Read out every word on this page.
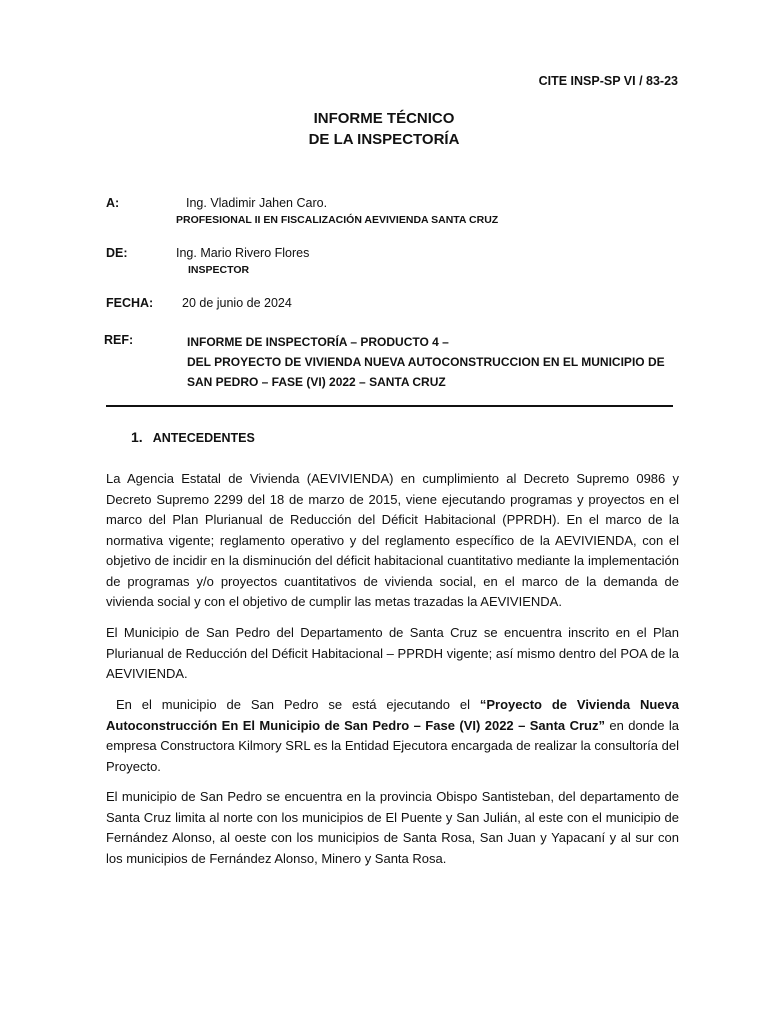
CITE INSP-SP VI / 83-23
INFORME TÉCNICO
DE LA INSPECTORÍA
A:	Ing. Vladimir Jahen Caro.
PROFESIONAL II EN FISCALIZACIÓN AEVIVIENDA SANTA CRUZ
DE:	Ing. Mario Rivero Flores
INSPECTOR
FECHA: 20 de junio de 2024
REF:	INFORME DE INSPECTORÍA – PRODUCTO 4 –
DEL PROYECTO DE VIVIENDA NUEVA AUTOCONSTRUCCION EN EL MUNICIPIO DE SAN PEDRO – FASE (VI) 2022 – SANTA CRUZ
1. ANTECEDENTES
La Agencia Estatal de Vivienda (AEVIVIENDA) en cumplimiento al Decreto Supremo 0986 y Decreto Supremo 2299 del 18 de marzo de 2015, viene ejecutando programas y proyectos en el marco del Plan Plurianual de Reducción del Déficit Habitacional (PPRDH). En el marco de la normativa vigente; reglamento operativo y del reglamento específico de la AEVIVIENDA, con el objetivo de incidir en la disminución del déficit habitacional cuantitativo mediante la implementación de programas y/o proyectos cuantitativos de vivienda social, en el marco de la demanda de vivienda social y con el objetivo de cumplir las metas trazadas la AEVIVIENDA.
El Municipio de San Pedro del Departamento de Santa Cruz se encuentra inscrito en el Plan Plurianual de Reducción del Déficit Habitacional – PPRDH vigente; así mismo dentro del POA de la AEVIVIENDA.
En el municipio de San Pedro se está ejecutando el “Proyecto de Vivienda Nueva Autoconstrucción En El Municipio de San Pedro – Fase (VI) 2022 – Santa Cruz” en donde la empresa Constructora Kilmory SRL es la Entidad Ejecutora encargada de realizar la consultoría del Proyecto.
El municipio de San Pedro se encuentra en la provincia Obispo Santisteban, del departamento de Santa Cruz limita al norte con los municipios de El Puente y San Julián, al este con el municipio de Fernández Alonso, al oeste con los municipios de Santa Rosa, San Juan y Yapacaní y al sur con los municipios de Fernández Alonso, Minero y Santa Rosa.
